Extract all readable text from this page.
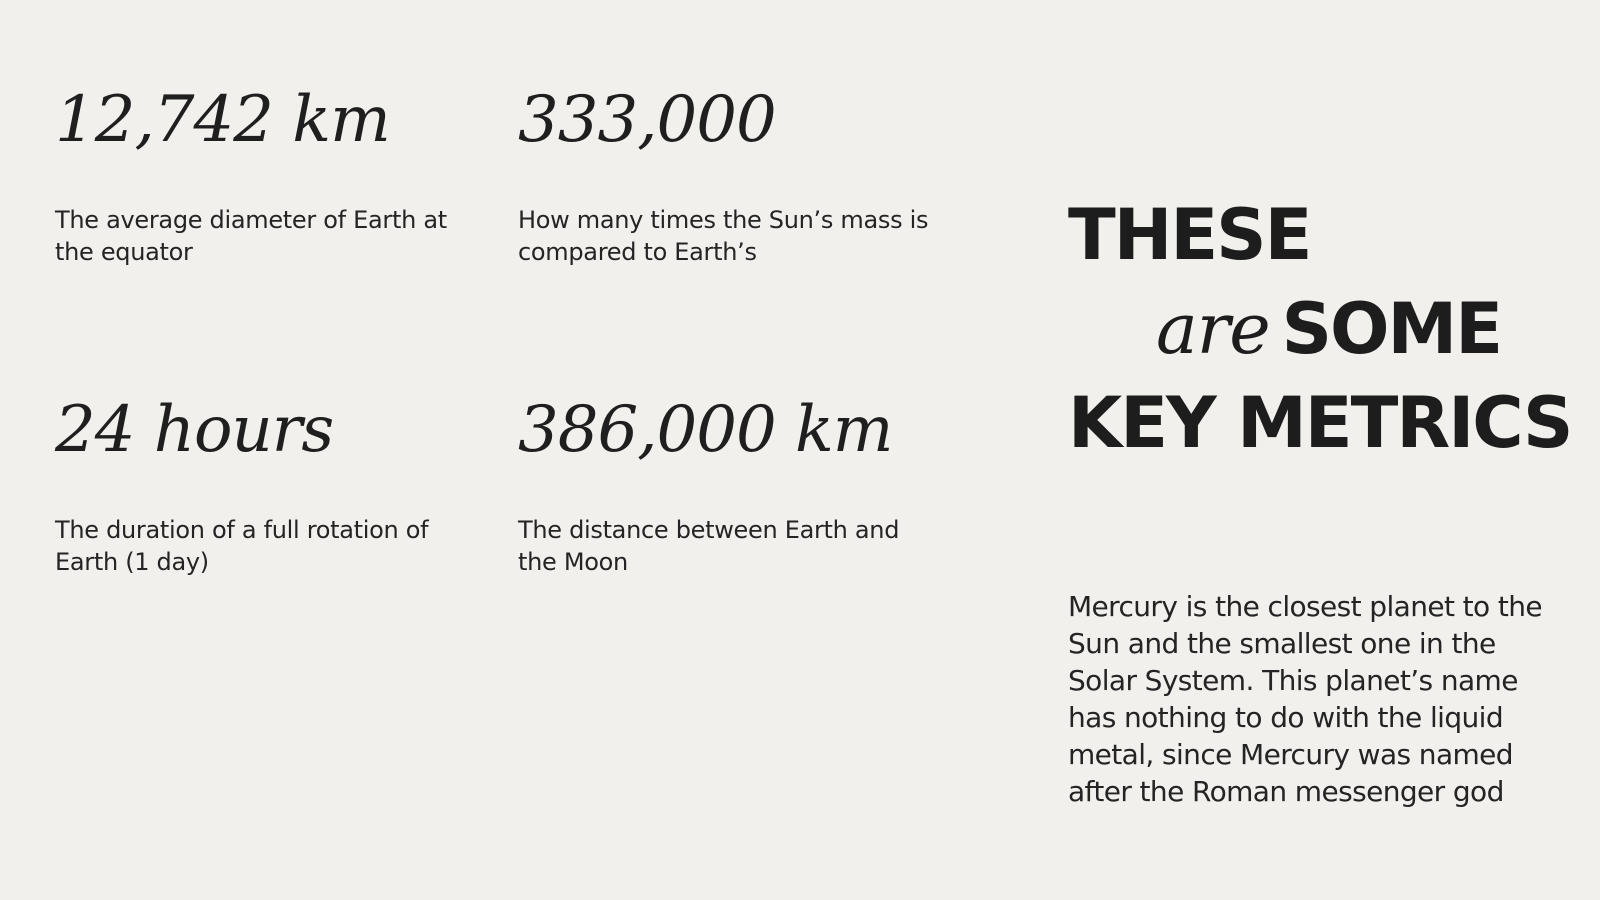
12,742 km
The average diameter of Earth at the equator
333,000
How many times the Sun’s mass is compared to Earth’s
24 hours
The duration of a full rotation of Earth (1 day)
386,000 km
The distance between Earth and the Moon
THESE
are SOME
KEY METRICS
Mercury is the closest planet to the Sun and the smallest one in the Solar System. This planet’s name has nothing to do with the liquid metal, since Mercury was named after the Roman messenger god
